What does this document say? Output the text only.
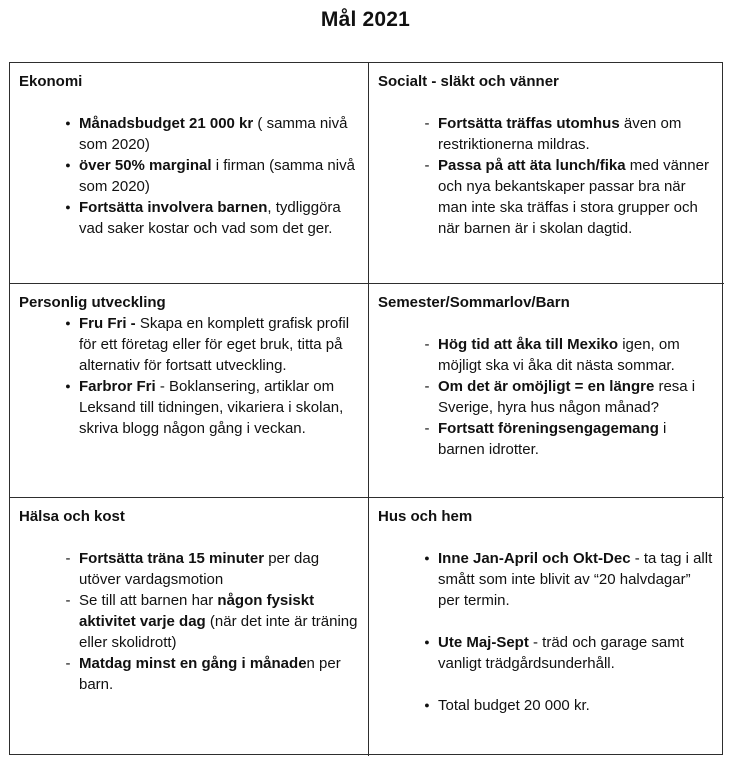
Mål 2021
Ekonomi
● Månadsbudget 21 000 kr ( samma nivå som 2020)
● över 50% marginal i firman (samma nivå som 2020)
● Fortsätta involvera barnen, tydliggöra vad saker kostar och vad som det ger.
Socialt - släkt och vänner
- Fortsätta träffas utomhus även om restriktionerna mildras.
- Passa på att äta lunch/fika med vänner och nya bekantskaper passar bra när man inte ska träffas i stora grupper och när barnen är i skolan dagtid.
Personlig utveckling
● Fru Fri - Skapa en komplett grafisk profil för ett företag eller för eget bruk, titta på alternativ för fortsatt utveckling.
● Farbror Fri - Boklansering, artiklar om Leksand till tidningen, vikariera i skolan, skriva blogg någon gång i veckan.
Semester/Sommarlov/Barn
- Hög tid att åka till Mexiko igen, om möjligt ska vi åka dit nästa sommar.
- Om det är omöjligt = en längre resa i Sverige, hyra hus någon månad?
- Fortsatt föreningsengagemang i barnen idrotter.
Hälsa och kost
- Fortsätta träna 15 minuter per dag utöver vardagsmotion
- Se till att barnen har någon fysiskt aktivitet varje dag (när det inte är träning eller skolidrott)
- Matdag minst en gång i månaden per barn.
Hus och hem
● Inne Jan-April och Okt-Dec - ta tag i allt smått som inte blivit av “20 halvdagar” per termin.
● Ute Maj-Sept - träd och garage samt vanligt trädgårdsunderhåll.
● Total budget 20 000 kr.
